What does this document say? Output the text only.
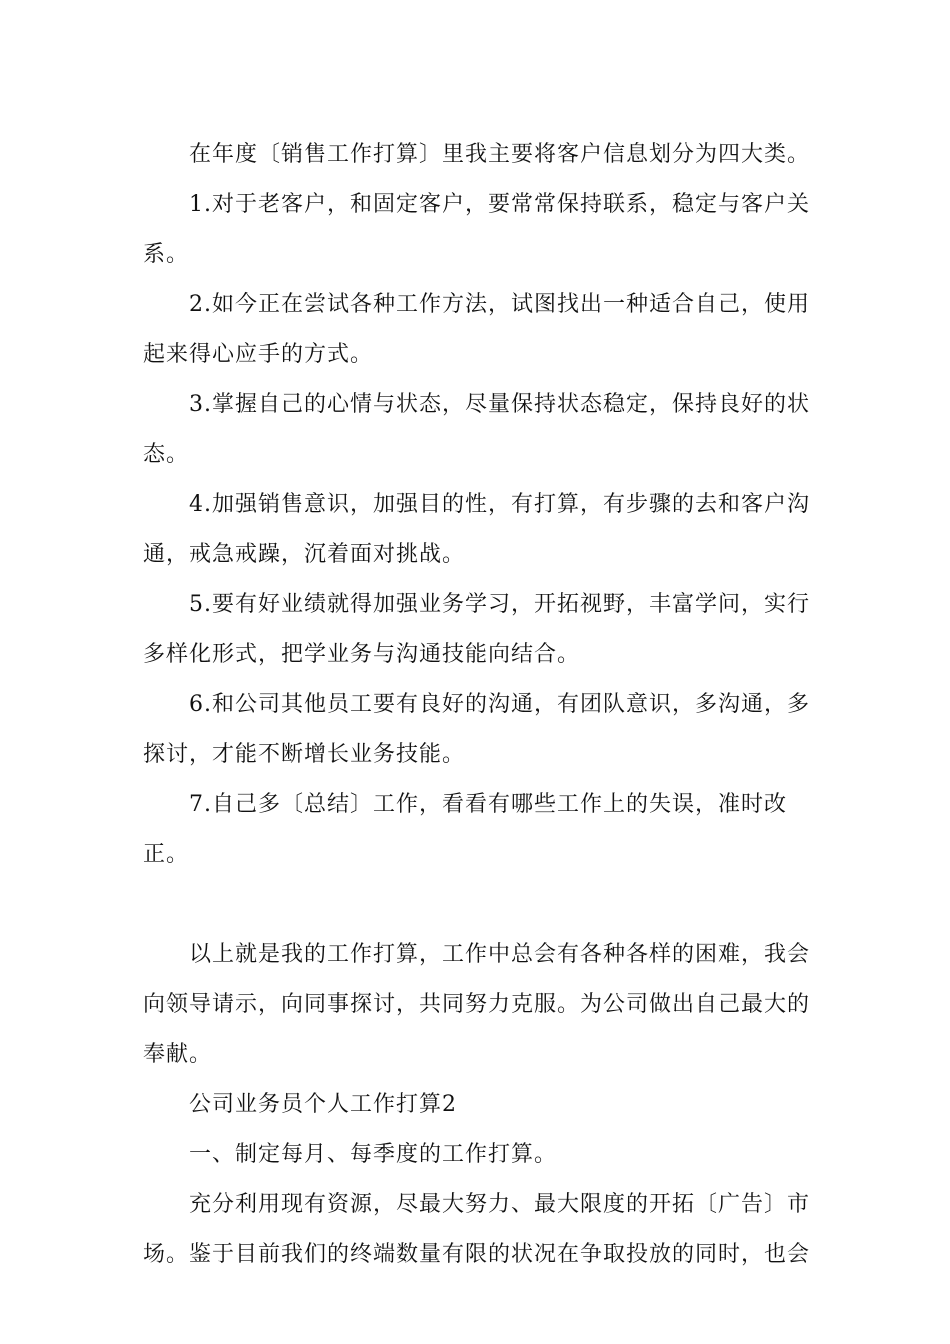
在年度〔销售工作打算〕里我主要将客户信息划分为四大类。

1.对于老客户，和固定客户，要常常保持联系，稳定与客户关系。

2.如今正在尝试各种工作方法，试图找出一种适合自己，使用起来得心应手的方式。

3.掌握自己的心情与状态，尽量保持状态稳定，保持良好的状态。

4.加强销售意识，加强目的性，有打算，有步骤的去和客户沟通，戒急戒躁，沉着面对挑战。

5.要有好业绩就得加强业务学习，开拓视野，丰富学问，实行多样化形式，把学业务与沟通技能向结合。

6.和公司其他员工要有良好的沟通，有团队意识，多沟通，多探讨，才能不断增长业务技能。

7.自己多〔总结〕工作，看看有哪些工作上的失误，准时改正。

以上就是我的工作打算，工作中总会有各种各样的困难，我会向领导请示，向同事探讨，共同努力克服。为公司做出自己最大的奉献。

公司业务员个人工作打算2

一、制定每月、每季度的工作打算。

充分利用现有资源，尽最大努力、最大限度的开拓〔广告〕市场。鉴于目前我们的终端数量有限的状况在争取投放的同时，也会
